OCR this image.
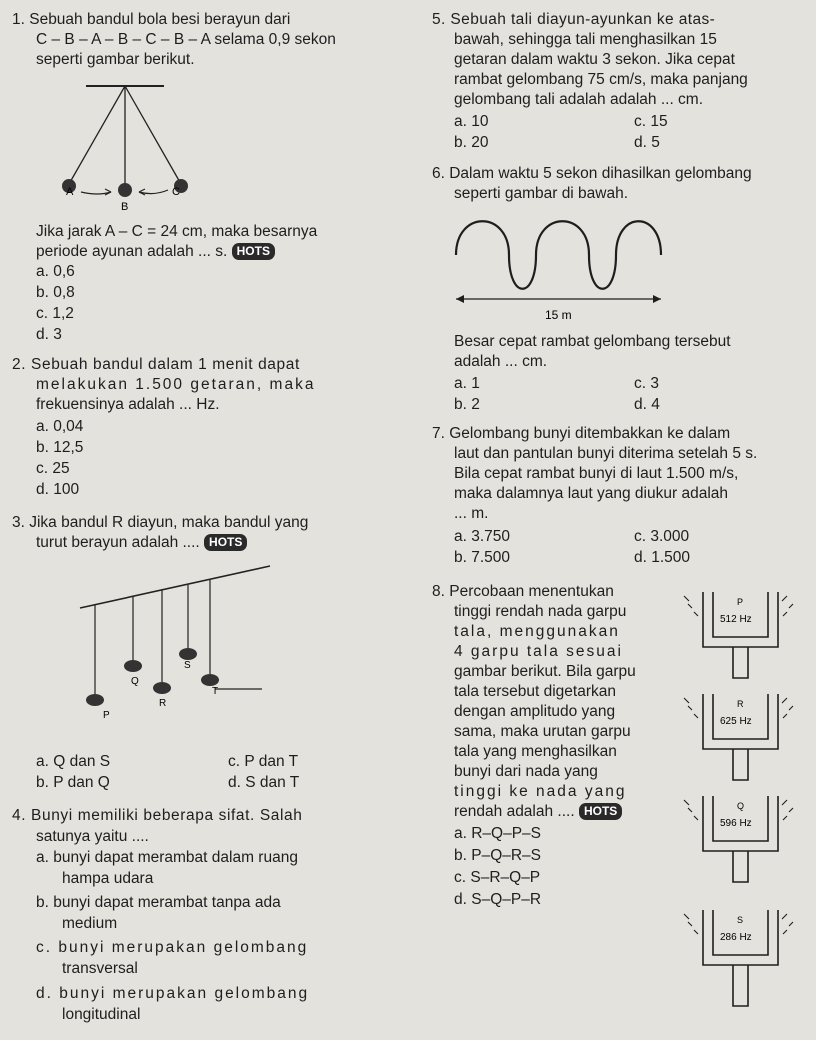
1. Sebuah bandul bola besi berayun dari
C – B – A – B – C – B – A selama 0,9 sekon
seperti gambar berikut.
A
B
C
Jika jarak A – C = 24 cm, maka besarnya
periode ayunan adalah ... s. HOTS
a. 0,6
b. 0,8
c. 1,2
d. 3
2. Sebuah bandul dalam 1 menit dapat
melakukan 1.500 getaran, maka
frekuensinya adalah ... Hz.
a. 0,04
b. 12,5
c. 25
d. 100
3. Jika bandul R diayun, maka bandul yang
turut berayun adalah .... HOTS
P
Q
R
S
T
a. Q dan S	c. P dan T
b. P dan Q	d. S dan T
4. Bunyi memiliki beberapa sifat. Salah
satunya yaitu ....
a. bunyi dapat merambat dalam ruang
hampa udara
b. bunyi dapat merambat tanpa ada
medium
c. bunyi merupakan gelombang
transversal
d. bunyi merupakan gelombang
longitudinal
5. Sebuah tali diayun-ayunkan ke atas-
bawah, sehingga tali menghasilkan 15
getaran dalam waktu 3 sekon. Jika cepat
rambat gelombang 75 cm/s, maka panjang
gelombang tali adalah adalah ... cm.
a. 10	c. 15
b. 20	d. 5
6. Dalam waktu 5 sekon dihasilkan gelombang
seperti gambar di bawah.
15 m
Besar cepat rambat gelombang tersebut
adalah ... cm.
a. 1	c. 3
b. 2	d. 4
7. Gelombang bunyi ditembakkan ke dalam
laut dan pantulan bunyi diterima setelah 5 s.
Bila cepat rambat bunyi di laut 1.500 m/s,
maka dalamnya laut yang diukur adalah
... m.
a. 3.750	c. 3.000
b. 7.500	d. 1.500
8. Percobaan menentukan
tinggi rendah nada garpu
tala, menggunakan
4 garpu tala sesuai
gambar berikut. Bila garpu
tala tersebut digetarkan
dengan amplitudo yang
sama, maka urutan garpu
tala yang menghasilkan
bunyi dari nada yang
tinggi ke nada yang
rendah adalah .... HOTS
a. R–Q–P–S
b. P–Q–R–S
c. S–R–Q–P
d. S–Q–P–R
P
512 Hz
R
625 Hz
Q
596 Hz
S
286 Hz
